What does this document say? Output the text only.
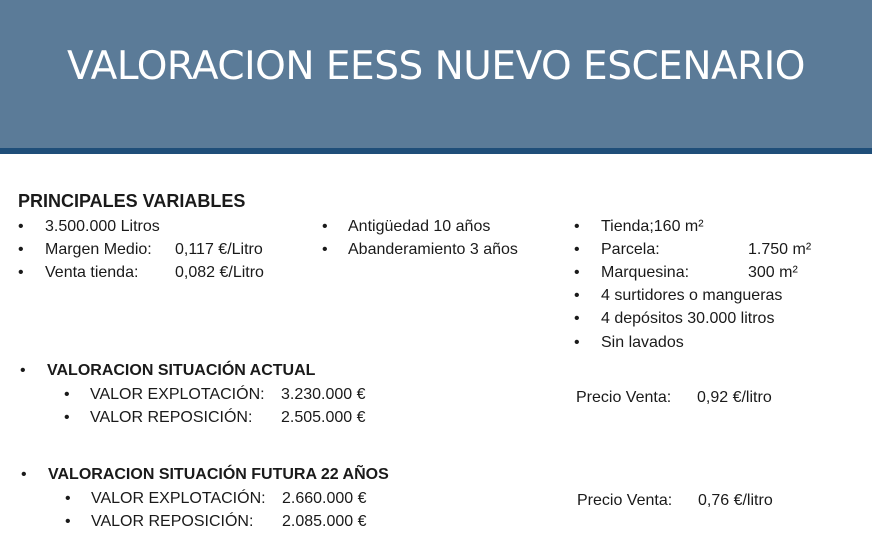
VALORACION EESS NUEVO ESCENARIO
PRINCIPALES VARIABLES
• 3.500.000 Litros
• Margen Medio: 0,117 €/Litro
• Venta tienda: 0,082 €/Litro
• Antigüedad 10 años
• Abanderamiento 3 años
• Tienda;160 m²
• Parcela:	1.750 m²
• Marquesina:	300 m²
• 4 surtidores o mangueras
• 4 depósitos 30.000 litros
• Sin lavados
• VALORACION SITUACIÓN ACTUAL
• VALOR EXPLOTACIÓN: 3.230.000 €
• VALOR REPOSICIÓN: 2.505.000 €
Precio Venta: 0,92 €/litro
• VALORACION SITUACIÓN FUTURA 22 AÑOS
• VALOR EXPLOTACIÓN: 2.660.000 €
• VALOR REPOSICIÓN: 2.085.000 €
Precio Venta: 0,76 €/litro
